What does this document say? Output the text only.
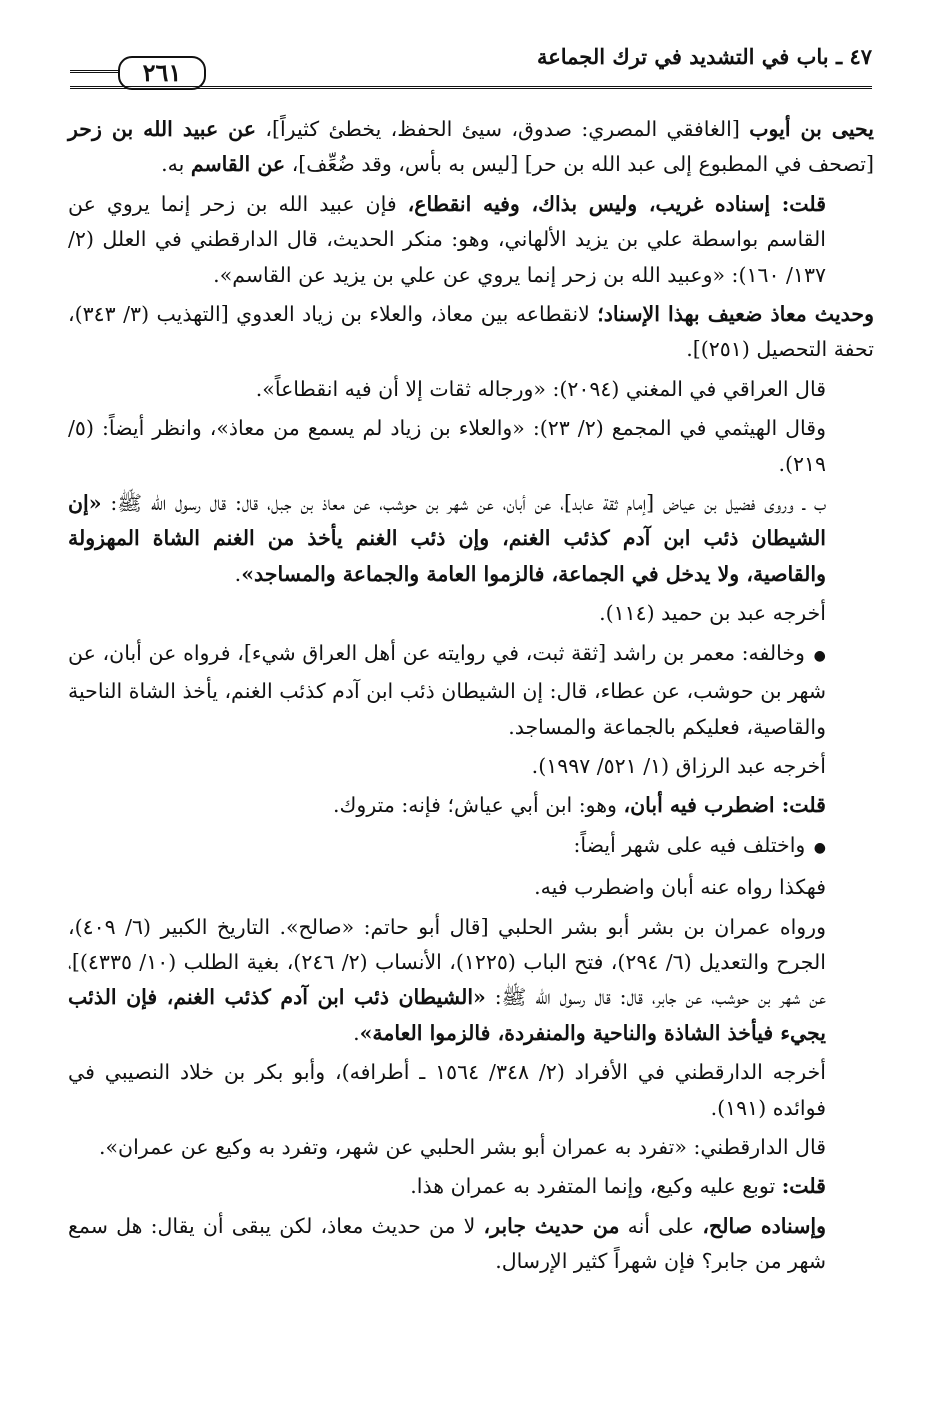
٤٧ ـ باب في التشديد في ترك الجماعة
٢٦١

يحيى بن أيوب [الغافقي المصري: صدوق، سيئ الحفظ، يخطئ كثيراً]، عن عبيد الله بن زحر [تصحف في المطبوع إلى عبد الله بن حر] [ليس به بأس، وقد ضُعِّف]، عن القاسم به.

قلت: إسناده غريب، وليس بذاك، وفيه انقطاع، فإن عبيد الله بن زحر إنما يروي عن القاسم بواسطة علي بن يزيد الألهاني، وهو: منكر الحديث، قال الدارقطني في العلل (٢/ ١٣٧/ ١٦٠): «وعبيد الله بن زحر إنما يروي عن علي بن يزيد عن القاسم».

وحديث معاذ ضعيف بهذا الإسناد؛ لانقطاعه بين معاذ، والعلاء بن زياد العدوي [التهذيب (٣/ ٣٤٣)، تحفة التحصيل (٢٥١)].

قال العراقي في المغني (٢٠٩٤): «ورجاله ثقات إلا أن فيه انقطاعاً».

وقال الهيثمي في المجمع (٢/ ٢٣): «والعلاء بن زياد لم يسمع من معاذ»، وانظر أيضاً: (٥/ ٢١٩).

ب ـ وروى فضيل بن عياض [إمام ثقة عابد]، عن أبان، عن شهر بن حوشب، عن معاذ بن جبل، قال: قال رسول الله ﷺ: «إن الشيطان ذئب ابن آدم كذئب الغنم، وإن ذئب الغنم يأخذ من الغنم الشاة المهزولة والقاصية، ولا يدخل في الجماعة، فالزموا العامة والجماعة والمساجد».

أخرجه عبد بن حميد (١١٤).

● وخالفه: معمر بن راشد [ثقة ثبت، في روايته عن أهل العراق شيء]، فرواه عن أبان، عن شهر بن حوشب، عن عطاء، قال: إن الشيطان ذئب ابن آدم كذئب الغنم، يأخذ الشاة الناحية والقاصية، فعليكم بالجماعة والمساجد.

أخرجه عبد الرزاق (١/ ٥٢١/ ١٩٩٧).

قلت: اضطرب فيه أبان، وهو: ابن أبي عياش؛ فإنه: متروك.

● واختلف فيه على شهر أيضاً:

فهكذا رواه عنه أبان واضطرب فيه.

ورواه عمران بن بشر أبو بشر الحلبي [قال أبو حاتم: «صالح». التاريخ الكبير (٦/ ٤٠٩)، الجرح والتعديل (٦/ ٢٩٤)، فتح الباب (١٢٢٥)، الأنساب (٢/ ٢٤٦)، بغية الطلب (١٠/ ٤٣٣٥)]، عن شهر بن حوشب، عن جابر، قال: قال رسول الله ﷺ: «الشيطان ذئب ابن آدم كذئب الغنم، فإن الذئب يجيء فيأخذ الشاذة والناحية والمنفردة، فالزموا العامة».

أخرجه الدارقطني في الأفراد (٢/ ٣٤٨/ ١٥٦٤ ـ أطرافه)، وأبو بكر بن خلاد النصيبي في فوائده (١٩١).

قال الدارقطني: «تفرد به عمران أبو بشر الحلبي عن شهر، وتفرد به وكيع عن عمران».

قلت: توبع عليه وكيع، وإنما المتفرد به عمران هذا.

وإسناده صالح، على أنه من حديث جابر، لا من حديث معاذ، لكن يبقى أن يقال: هل سمع شهر من جابر؟ فإن شهراً كثير الإرسال.
